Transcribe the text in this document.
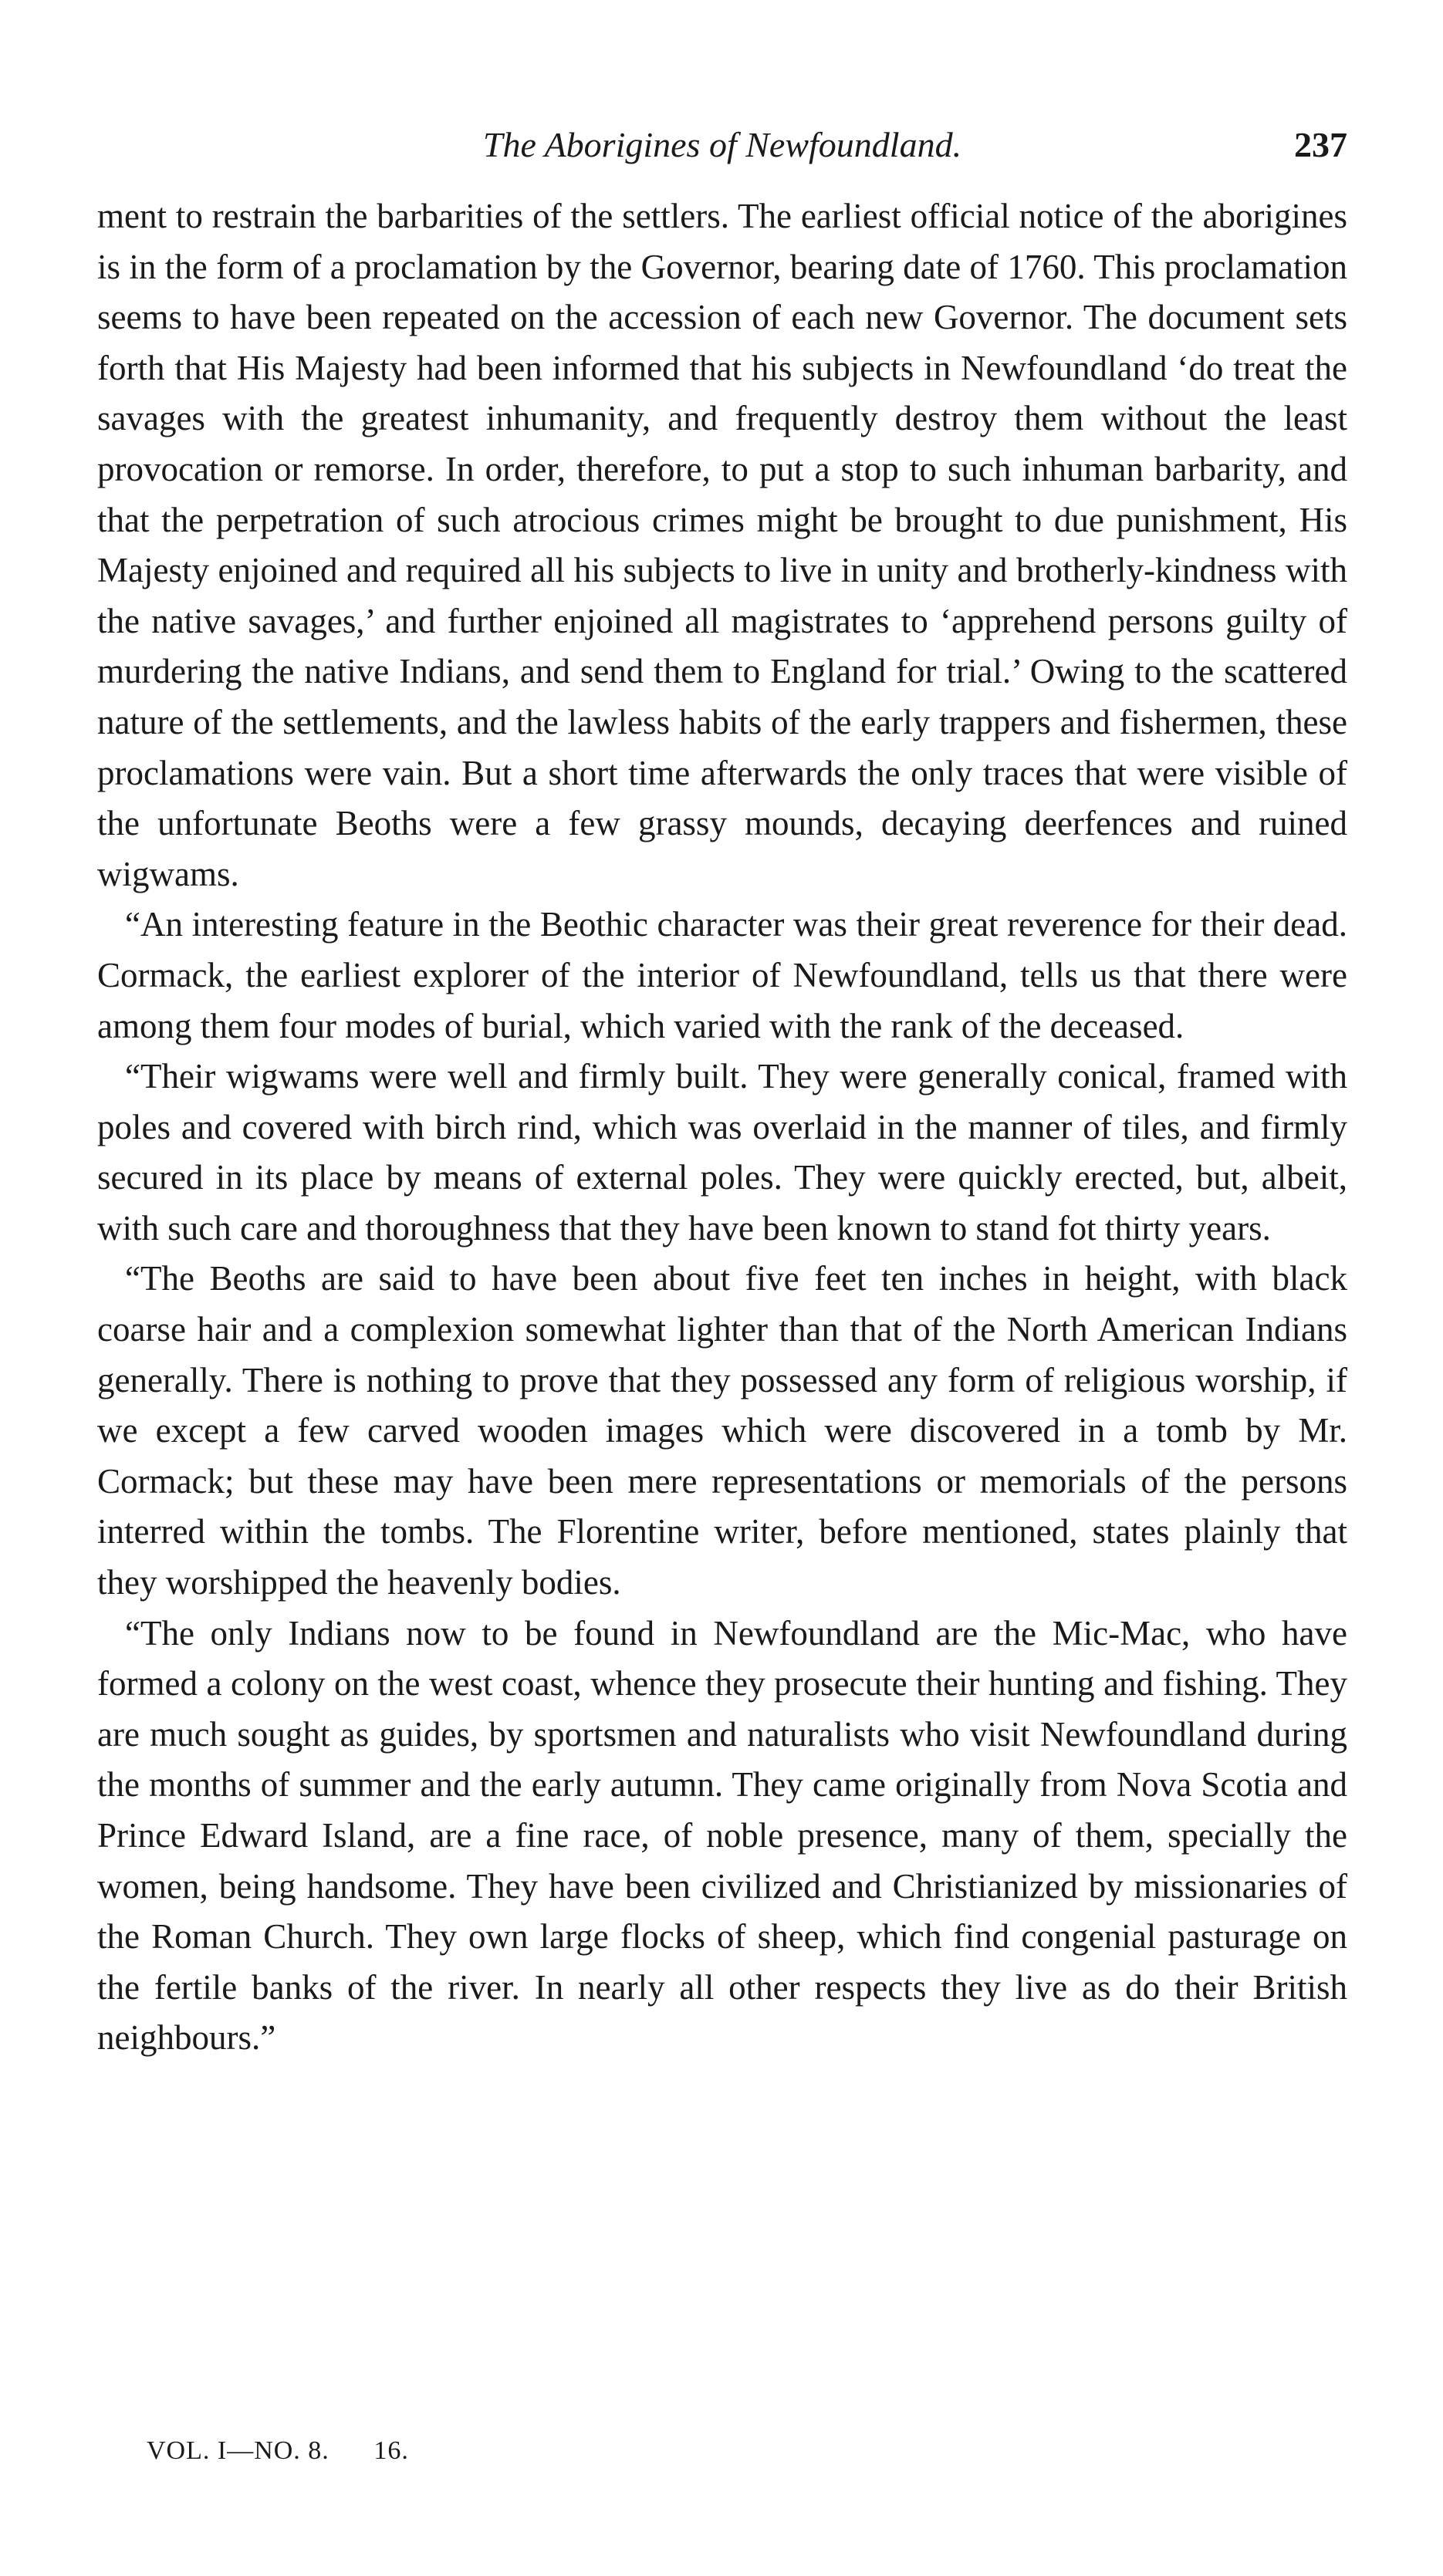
The Aborigines of Newfoundland.	237

ment to restrain the barbarities of the settlers. The earliest official notice of the aborigines is in the form of a proclamation by the Governor, bearing date of 1760. This proclamation seems to have been repeated on the accession of each new Governor. The document sets forth that His Majesty had been informed that his subjects in Newfoundland ‘do treat the savages with the greatest inhumanity, and frequently destroy them without the least provocation or remorse. In order, therefore, to put a stop to such inhuman barbarity, and that the perpetration of such atrocious crimes might be brought to due punishment, His Majesty enjoined and required all his subjects to live in unity and brotherly-kindness with the native savages,’ and further enjoined all magistrates to ‘apprehend persons guilty of murdering the native Indians, and send them to England for trial.’ Owing to the scattered nature of the settlements, and the lawless habits of the early trappers and fishermen, these proclamations were vain. But a short time afterwards the only traces that were visible of the unfortunate Beoths were a few grassy mounds, decaying deerfences and ruined wigwams.

“An interesting feature in the Beothic character was their great reverence for their dead. Cormack, the earliest explorer of the interior of Newfoundland, tells us that there were among them four modes of burial, which varied with the rank of the deceased.

“Their wigwams were well and firmly built. They were generally conical, framed with poles and covered with birch rind, which was overlaid in the manner of tiles, and firmly secured in its place by means of external poles. They were quickly erected, but, albeit, with such care and thoroughness that they have been known to stand fot thirty years.

“The Beoths are said to have been about five feet ten inches in height, with black coarse hair and a complexion somewhat lighter than that of the North American Indians generally. There is nothing to prove that they possessed any form of religious worship, if we except a few carved wooden images which were discovered in a tomb by Mr. Cormack; but these may have been mere representations or memorials of the persons interred within the tombs. The Florentine writer, before mentioned, states plainly that they worshipped the heavenly bodies.

“The only Indians now to be found in Newfoundland are the Mic-Mac, who have formed a colony on the west coast, whence they prosecute their hunting and fishing. They are much sought as guides, by sportsmen and naturalists who visit Newfoundland during the months of summer and the early autumn. They came originally from Nova Scotia and Prince Edward Island, are a fine race, of noble presence, many of them, specially the women, being handsome. They have been civilized and Christianized by missionaries of the Roman Church. They own large flocks of sheep, which find congenial pasturage on the fertile banks of the river. In nearly all other respects they live as do their British neighbours.”

VOL. I—NO. 8. 16.
